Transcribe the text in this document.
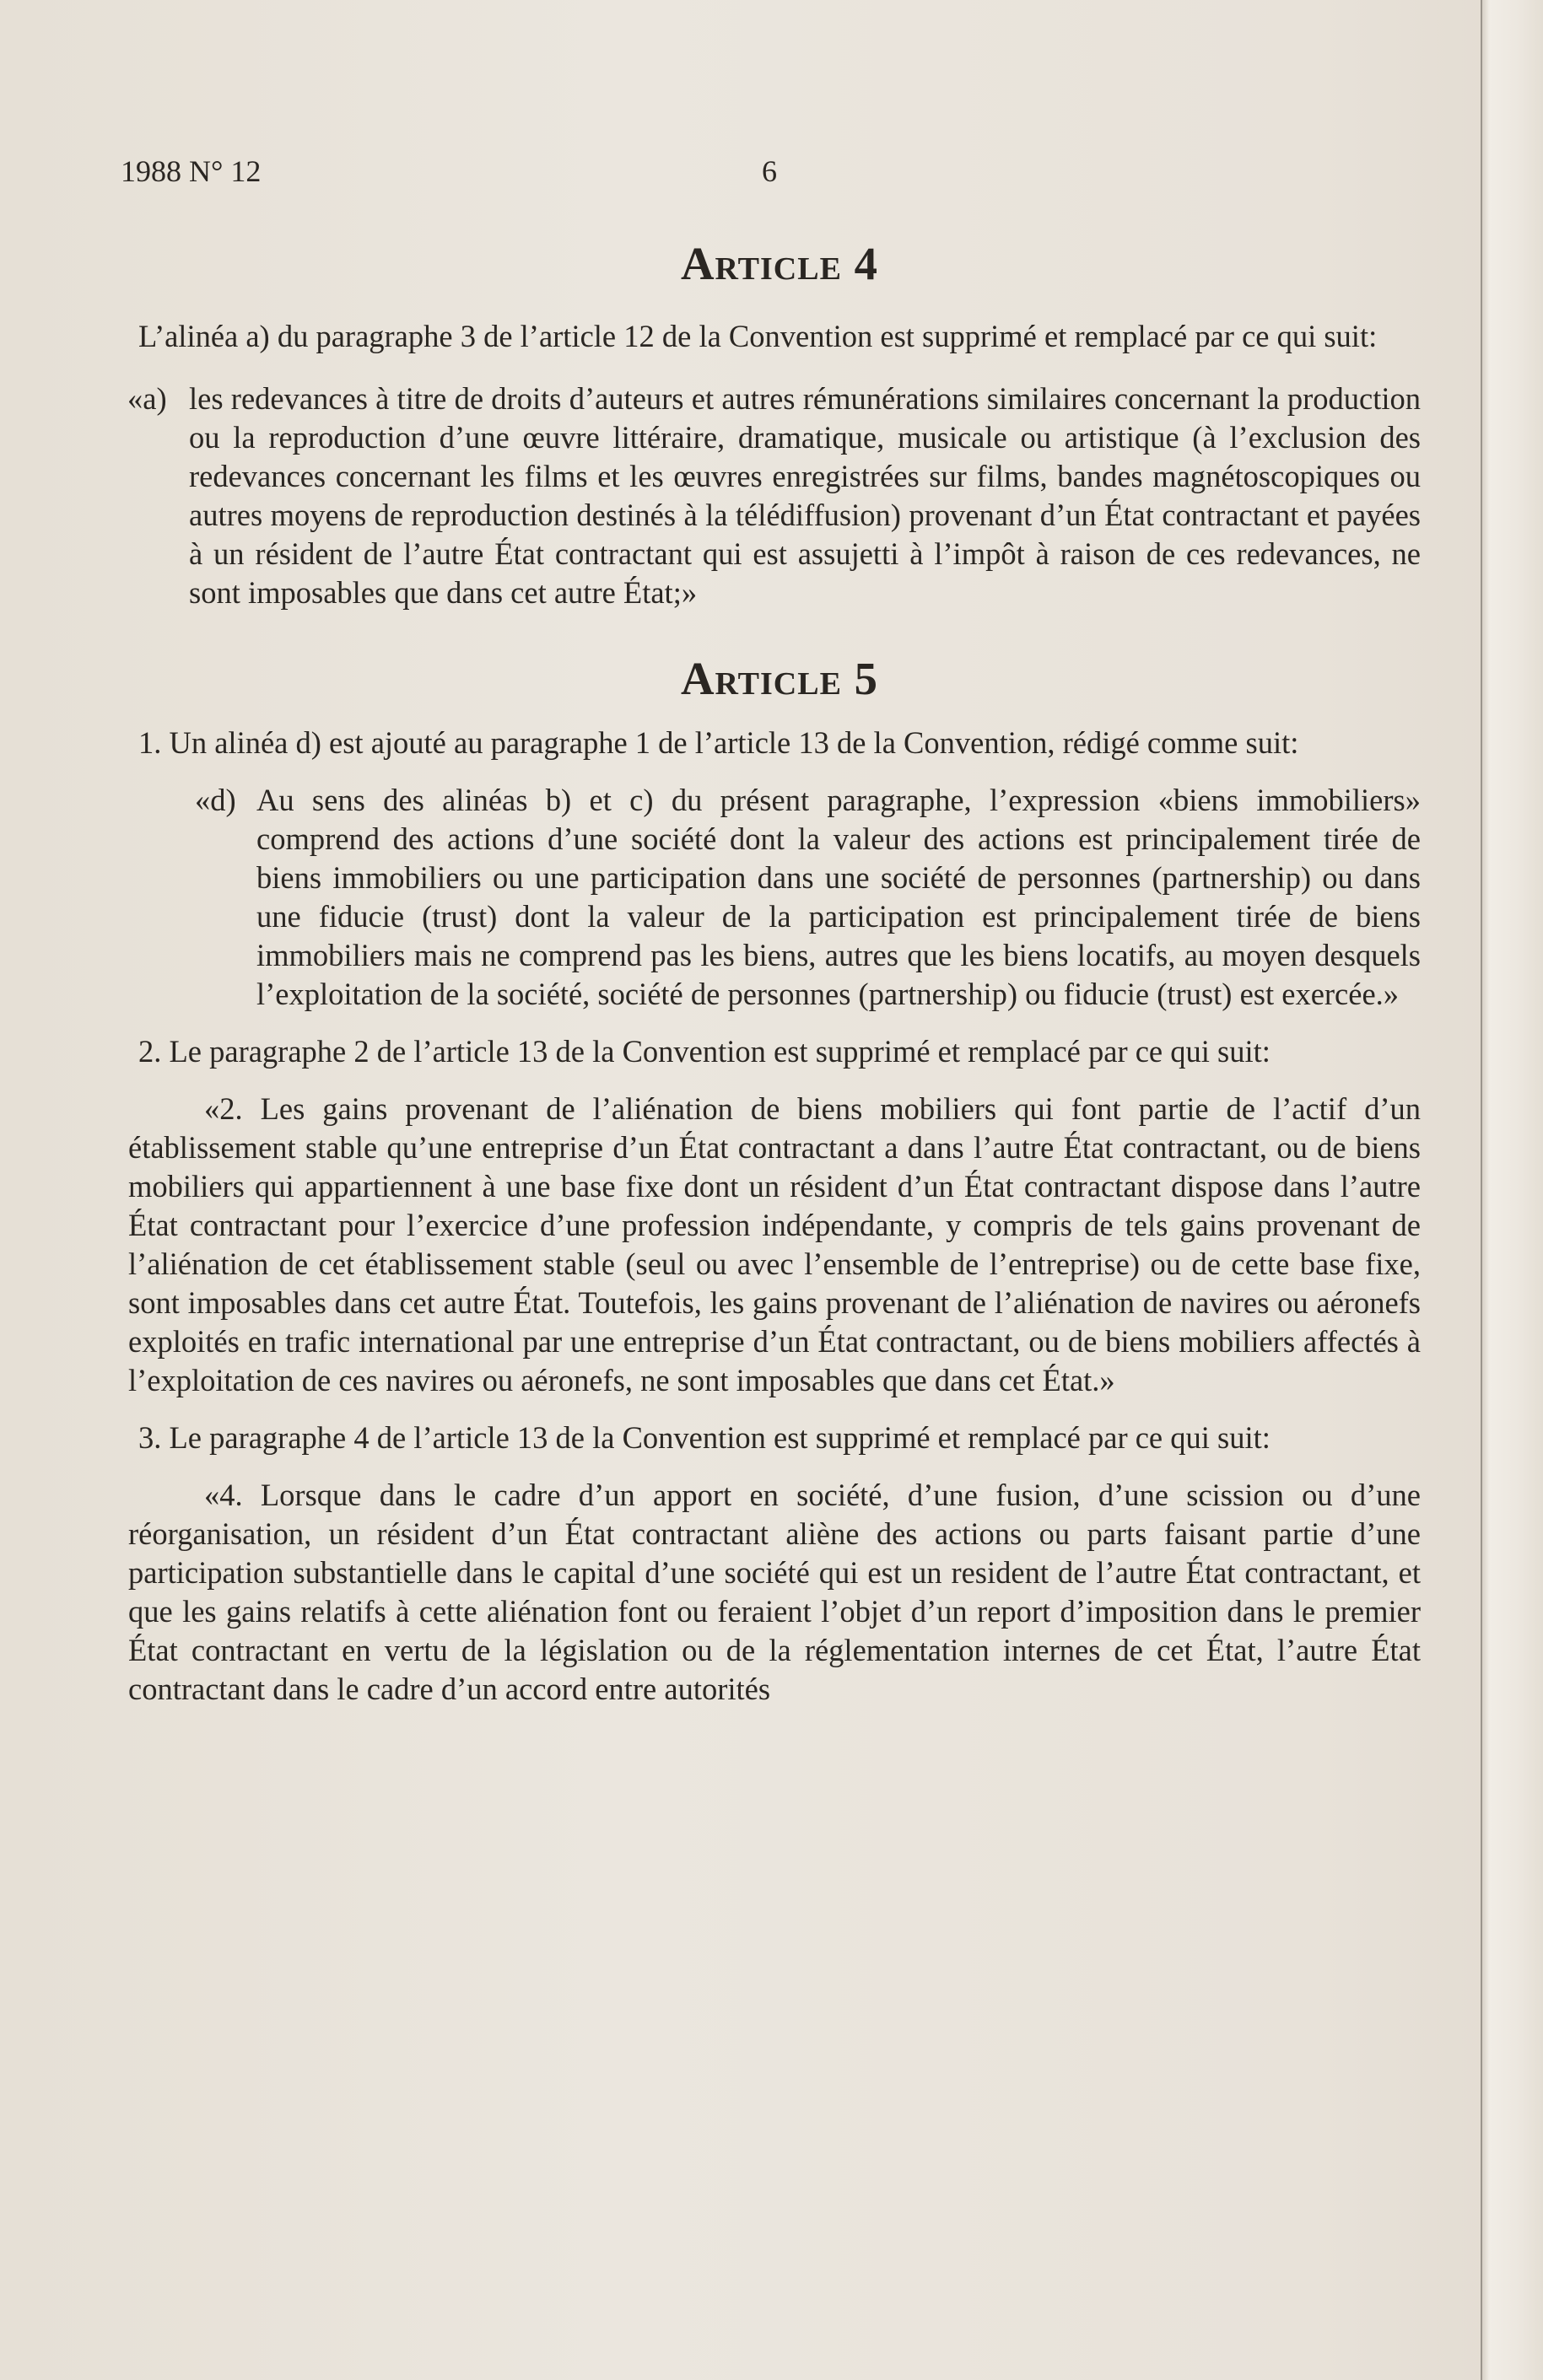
1988 N° 12	6
Article 4

L’alinéa a) du paragraphe 3 de l’article 12 de la Convention est supprimé et remplacé par ce qui suit:

«a) les redevances à titre de droits d’auteurs et autres rémunérations similaires concernant la production ou la reproduction d’une œuvre littéraire, dramatique, musicale ou artistique (à l’exclusion des redevances concernant les films et les œuvres enregistrées sur films, bandes magnétoscopiques ou autres moyens de reproduction destinés à la télédiffusion) provenant d’un État contractant et payées à un résident de l’autre État contractant qui est assujetti à l’impôt à raison de ces redevances, ne sont imposables que dans cet autre État;»
Article 5

1. Un alinéa d) est ajouté au paragraphe 1 de l’article 13 de la Convention, rédigé comme suit:

«d) Au sens des alinéas b) et c) du présent paragraphe, l’expression «biens immobiliers» comprend des actions d’une société dont la valeur des actions est principalement tirée de biens immobiliers ou une participation dans une société de personnes (partnership) ou dans une fiducie (trust) dont la valeur de la participation est principalement tirée de biens immobiliers mais ne comprend pas les biens, autres que les biens locatifs, au moyen desquels l’exploitation de la société, société de personnes (partnership) ou fiducie (trust) est exercée.»

2. Le paragraphe 2 de l’article 13 de la Convention est supprimé et remplacé par ce qui suit:

«2. Les gains provenant de l’aliénation de biens mobiliers qui font partie de l’actif d’un établissement stable qu’une entreprise d’un État contractant a dans l’autre État contractant, ou de biens mobiliers qui appartiennent à une base fixe dont un résident d’un État contractant dispose dans l’autre État contractant pour l’exercice d’une profession indépendante, y compris de tels gains provenant de l’aliénation de cet établissement stable (seul ou avec l’ensemble de l’entreprise) ou de cette base fixe, sont imposables dans cet autre État. Toutefois, les gains provenant de l’aliénation de navires ou aéronefs exploités en trafic international par une entreprise d’un État contractant, ou de biens mobiliers affectés à l’exploitation de ces navires ou aéronefs, ne sont imposables que dans cet État.»

3. Le paragraphe 4 de l’article 13 de la Convention est supprimé et remplacé par ce qui suit:

«4. Lorsque dans le cadre d’un apport en société, d’une fusion, d’une scission ou d’une réorganisation, un résident d’un État contractant aliène des actions ou parts faisant partie d’une participation substantielle dans le capital d’une société qui est un resident de l’autre État contractant, et que les gains relatifs à cette aliénation font ou feraient l’objet d’un report d’imposition dans le premier État contractant en vertu de la législation ou de la réglementation internes de cet État, l’autre État contractant dans le cadre d’un accord entre autorités
